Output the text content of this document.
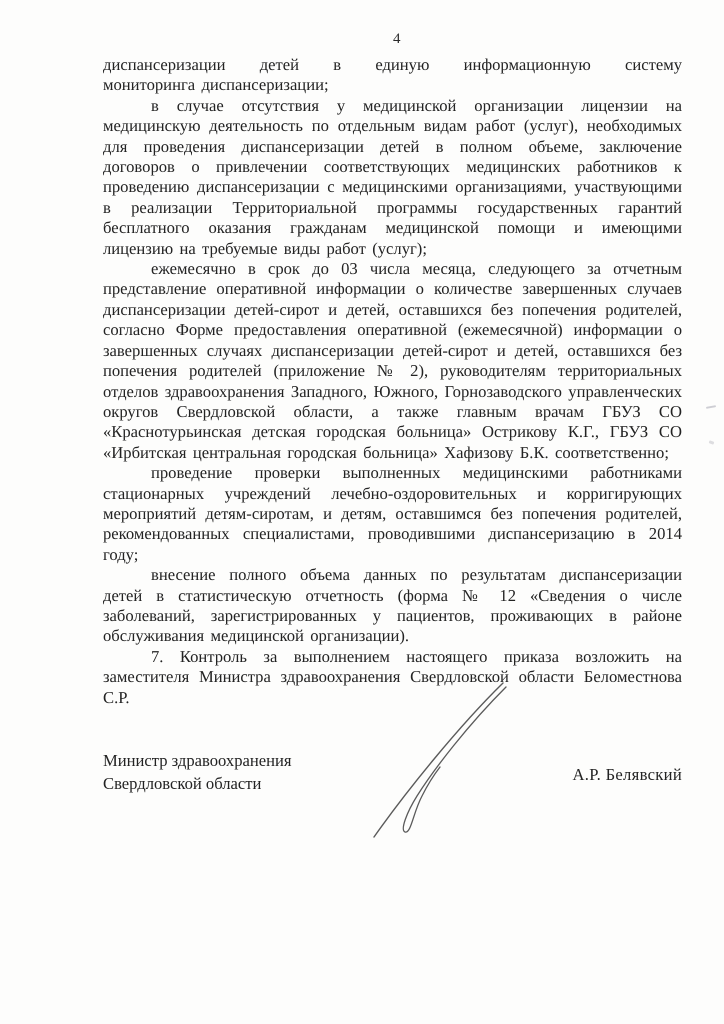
4
диспансеризации детей в единую информационную систему
мониторинга диспансеризации;

в случае отсутствия у медицинской организации лицензии на медицинскую деятельность по отдельным видам работ (услуг), необходимых для проведения диспансеризации детей в полном объеме, заключение договоров о привлечении соответствующих медицинских работников к проведению диспансеризации с медицинскими организациями, участвующими в реализации Территориальной программы государственных гарантий бесплатного оказания гражданам медицинской помощи и имеющими лицензию на требуемые виды работ (услуг);

ежемесячно в срок до 03 числа месяца, следующего за отчетным представление оперативной информации о количестве завершенных случаев диспансеризации детей-сирот и детей, оставшихся без попечения родителей, согласно Форме предоставления оперативной (ежемесячной) информации о завершенных случаях диспансеризации детей-сирот и детей, оставшихся без попечения родителей (приложение № 2), руководителям территориальных отделов здравоохранения Западного, Южного, Горнозаводского управленческих округов Свердловской области, а также главным врачам ГБУЗ СО «Краснотурьинская детская городская больница» Острикову К.Г., ГБУЗ СО «Ирбитская центральная городская больница» Хафизову Б.К. соответственно;

проведение проверки выполненных медицинскими работниками стационарных учреждений лечебно-оздоровительных и корригирующих мероприятий детям-сиротам, и детям, оставшимся без попечения родителей, рекомендованных специалистами, проводившими диспансеризацию в 2014 году;

внесение полного объема данных по результатам диспансеризации детей в статистическую отчетность (форма № 12 «Сведения о числе заболеваний, зарегистрированных у пациентов, проживающих в районе обслуживания медицинской организации).

7. Контроль за выполнением настоящего приказа возложить на заместителя Министра здравоохранения Свердловской области Беломестнова С.Р.

Министр здравоохранения
Свердловской области	А.Р. Белявский
